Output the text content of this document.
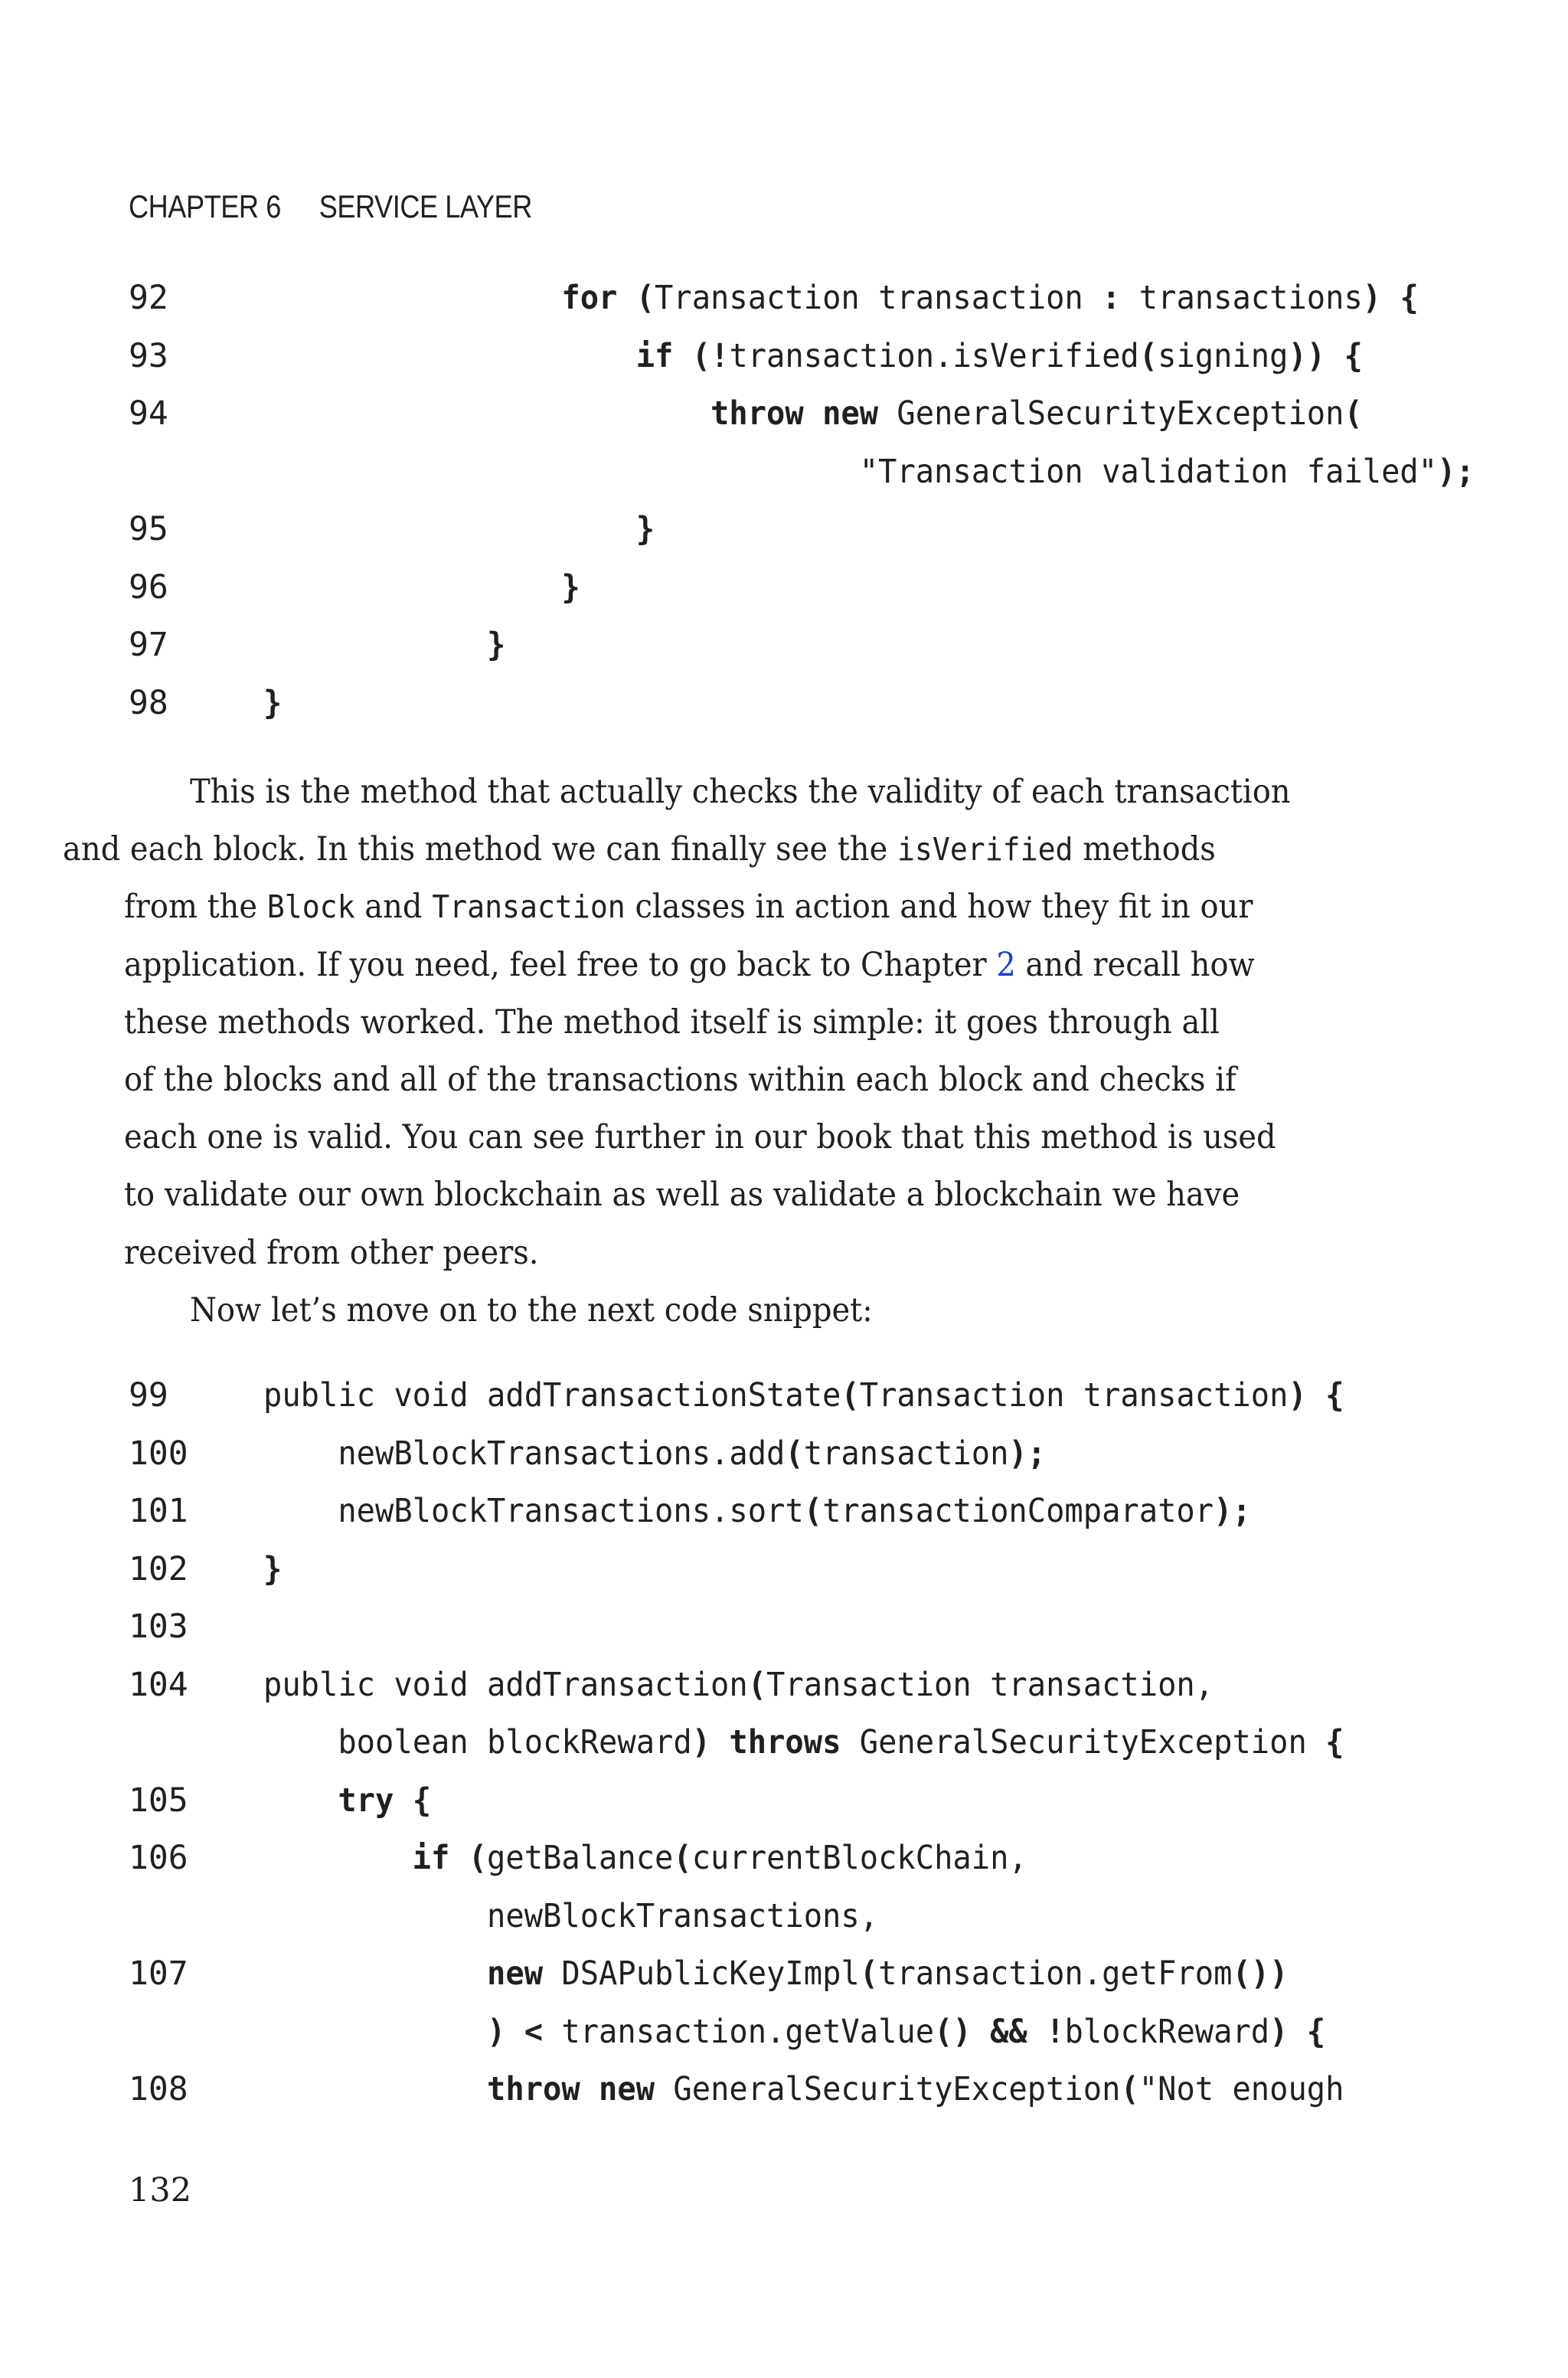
CHAPTER 6 SERVICE LAYER
92	for (Transaction transaction : transactions) {
93	if (!transaction.isVerified(signing)) {
94	throw new GeneralSecurityException(
"Transaction validation failed");
95	}
96	}
97	}
98	}

This is the method that actually checks the validity of each transaction
and each block. In this method we can finally see the isVerified methods
from the Block and Transaction classes in action and how they fit in our
application. If you need, feel free to go back to Chapter 2 and recall how
these methods worked. The method itself is simple: it goes through all
of the blocks and all of the transactions within each block and checks if
each one is valid. You can see further in our book that this method is used
to validate our own blockchain as well as validate a blockchain we have
received from other peers.

Now let’s move on to the next code snippet:

99	public void addTransactionState(Transaction transaction) {
100	newBlockTransactions.add(transaction);
101	newBlockTransactions.sort(transactionComparator);
102 }
103
104 public void addTransaction(Transaction transaction,
boolean blockReward) throws GeneralSecurityException {
105	try {
106	if (getBalance(currentBlockChain,
newBlockTransactions,
107	new DSAPublicKeyImpl(transaction.getFrom())
) < transaction.getValue() && !blockReward) {
108	throw new GeneralSecurityException("Not enough
132
